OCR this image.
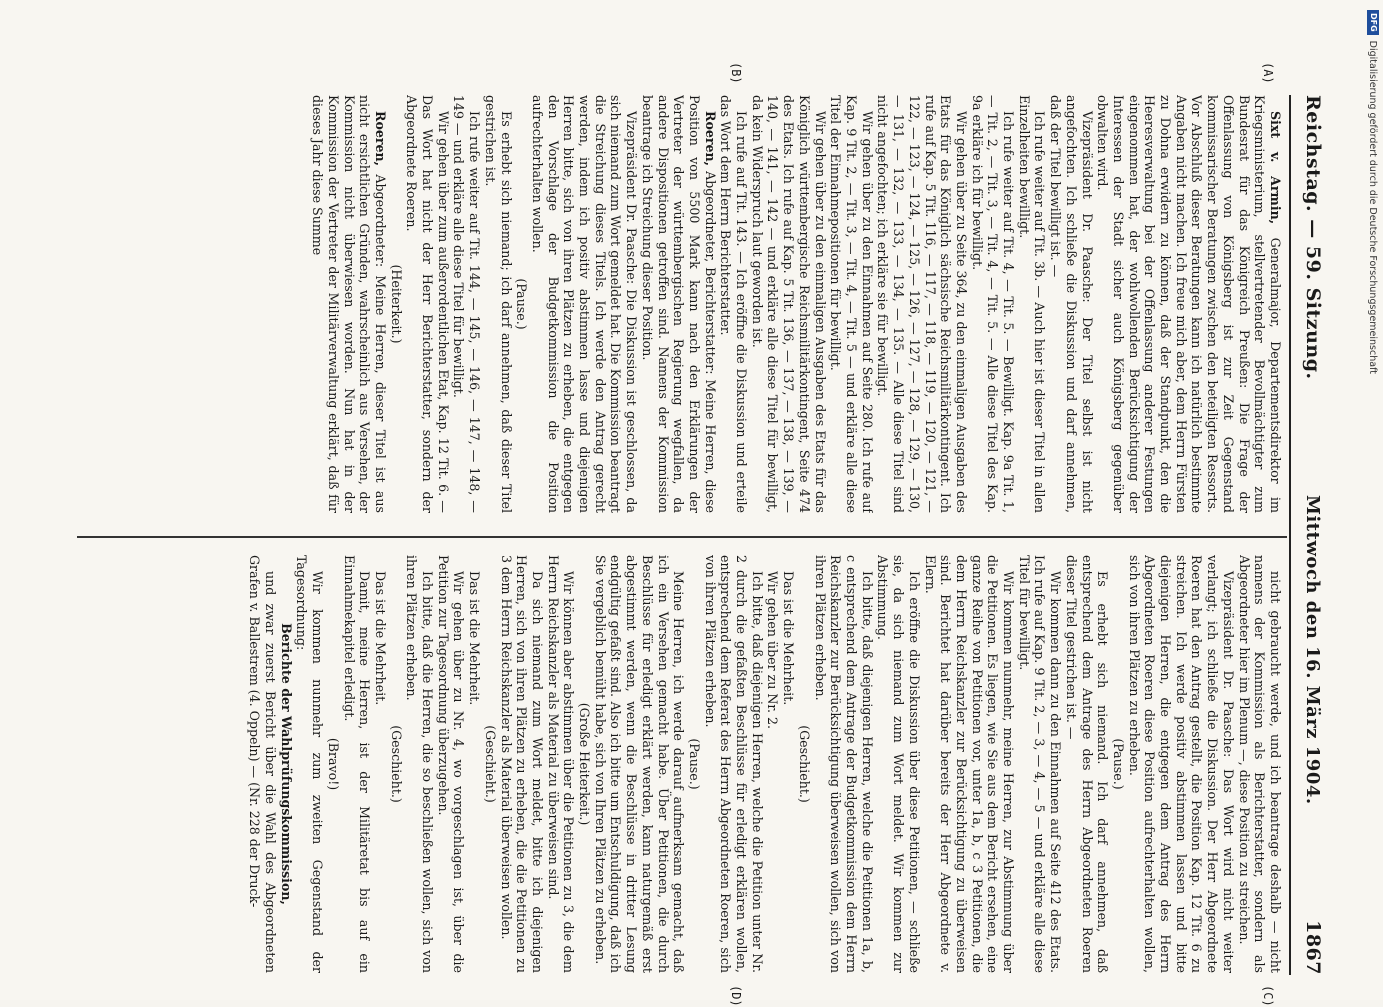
Reichstag. — 59. Sitzung.
Mittwoch den 16. März 1904.
1867

Sixt v. Armin, Generalmajor, Departementsdirektor im Kriegsministerium, stellvertretender Bevollmächtigter zum Bundesrat für das Königreich Preußen: Die Frage der Offenlassung von Königsberg ist zur Zeit Gegenstand kommissarischer Beratungen zwischen den beteiligten Ressorts. Vor Abschluß dieser Beratungen kann ich natürlich bestimmte Angaben nicht machen. Ich freue mich aber, dem Herrn Fürsten zu Dohna erwidern zu können, daß der Standpunkt, den die Heeresverwaltung bei der Offenlassung anderer Festungen eingenommen hat, der wohlwollenden Berücksichtigung der Interessen der Stadt sicher auch Königsberg gegenüber obwalten wird.

Vizepräsident Dr. Paasche: Der Titel selbst ist nicht angefochten. Ich schließe die Diskussion und darf annehmen, daß der Titel bewilligt ist. —

Ich rufe weiter auf Tit. 3b. — Auch hier ist dieser Titel in allen Einzelheiten bewilligt.

Ich rufe weiter auf Tit. 4, — Tit. 5. — Bewilligt. Kap. 9a Tit. 1, — Tit. 2, — Tit. 3, — Tit. 4, — Tit. 5. — Alle diese Titel des Kap. 9a erkläre ich für bewilligt.

Wir gehen über zu Seite 364, zu den einmaligen Ausgaben des Etats für das Königlich sächsische Reichsmilitärkontingent. Ich rufe auf Kap. 5 Tit. 116, — 117, — 118, — 119, — 120, — 121, — 122, — 123, — 124, — 125, — 126, — 127, — 128, — 129, — 130, — 131, — 132, — 133, — 134, — 135. — Alle diese Titel sind nicht angefochten; ich erkläre sie für bewilligt.

Wir gehen über zu den Einnahmen auf Seite 280. Ich rufe auf Kap. 9 Tit. 2, — Tit. 3, — Tit. 4, — Tit. 5 — und erkläre alle diese Titel der Einnahmepositionen für bewilligt.

Wir gehen über zu den einmaligen Ausgaben des Etats für das Königlich württembergische Reichsmilitärkontingent, Seite 474 des Etats. Ich rufe auf Kap. 5 Tit. 136, — 137, — 138, — 139, — 140, — 141, — 142 — und erkläre alle diese Titel für bewilligt, da kein Widerspruch laut geworden ist.

Ich rufe auf Tit. 143. — Ich eröffne die Diskussion und erteile das Wort dem Herrn Berichterstatter.

Roeren, Abgeordneter, Berichterstatter: Meine Herren, diese Position von 5500 Mark kann nach den Erklärungen der Vertreter der württembergischen Regierung wegfallen, da andere Dispositionen getroffen sind. Namens der Kommission beantrage ich Streichung dieser Position.

Vizepräsident Dr. Paasche: Die Diskussion ist geschlossen, da sich niemand zum Wort gemeldet hat. Die Kommission beantragt die Streichung dieses Titels. Ich werde den Antrag gerecht werden, indem ich positiv abstimmen lasse und diejenigen Herren bitte, sich von ihren Plätzen zu erheben, die entgegen den Vorschlage der Budgetkommission die Position aufrechterhalten wollen.

(Pause.)

Es erhebt sich niemand; ich darf annehmen, daß dieser Titel gestrichen ist.

Ich rufe weiter auf Tit. 144, — 145, — 146, — 147, — 148, — 149 — und erkläre alle diese Titel für bewilligt.

Wir gehen über zum außerordentlichen Etat, Kap. 12 Tit. 6. — Das Wort hat nicht der Herr Berichterstatter, sondern der Abgeordnete Roeren.

(Heiterkeit.)

Roeren, Abgeordneter: Meine Herren, dieser Titel ist aus nicht ersichtlichen Gründen, wahrscheinlich aus Versehen, der Kommission nicht überwiesen worden. Nun hat in der Kommission der Vertreter der Militärverwaltung erklärt, daß für dieses Jahr diese Summe

nicht gebraucht werde, und ich beantrage deshalb — nicht namens der Kommission als Berichterstatter, sondern als Abgeordneter hier im Plenum —, diese Position zu streichen.

Vizepräsident Dr. Paasche: Das Wort wird nicht weiter verlangt; ich schließe die Diskussion. Der Herr Abgeordnete Roeren hat den Antrag gestellt, die Position Kap. 12 Tit. 6 zu streichen. Ich werde positiv abstimmen lassen und bitte diejenigen Herren, die entgegen dem Antrag des Herrn Abgeordneten Roeren diese Position aufrechterhalten wollen, sich von ihren Plätzen zu erheben.

(Pause.)

Es erhebt sich niemand. Ich darf annehmen, daß entsprechend dem Antrage des Herrn Abgeordneten Roeren dieser Titel gestrichen ist. —

Wir kommen dann zu den Einnahmen auf Seite 412 des Etats. Ich rufe auf Kap. 9 Tit. 2, — 3, — 4, — 5 — und erkläre alle diese Titel für bewilligt.

Wir kommen nunmehr, meine Herren, zur Abstimmung über die Petitionen. Es liegen, wie Sie aus dem Bericht ersehen, eine ganze Reihe von Petitionen vor, unter 1a, b, c 3 Petitionen, die dem Herrn Reichskanzler zur Berücksichtigung zu überweisen sind. Berichtet hat darüber bereits der Herr Abgeordnete v. Elern.

Ich eröffne die Diskussion über diese Petitionen, — schließe sie, da sich niemand zum Wort meldet. Wir kommen zur Abstimmung.

Ich bitte, daß diejenigen Herren, welche die Petitionen 1a, b, c entsprechend dem Antrage der Budgetkommission dem Herrn Reichskanzler zur Berücksichtigung überweisen wollen, sich von ihren Plätzen erheben.

(Geschieht.)

Das ist die Mehrheit.

Wir gehen über zu Nr. 2.

Ich bitte, daß diejenigen Herren, welche die Petition unter Nr. 2 durch die gefaßten Beschlüsse für erledigt erklären wollen, entsprechend dem Referat des Herrn Abgeordneten Roeren, sich von ihren Plätzen erheben.

(Pause.)

Meine Herren, ich werde darauf aufmerksam gemacht, daß ich ein Versehen gemacht habe. Über Petitionen, die durch Beschlüsse für erledigt erklärt werden, kann naturgemäß erst abgestimmt werden, wenn die Beschlüsse in dritter Lesung endgültig gefaßt sind. Also ich bitte um Entschuldigung, daß ich Sie vergeblich bemüht habe, sich von Ihren Plätzen zu erheben.

(Große Heiterkeit.)

Wir können aber abstimmen über die Petitionen zu 3, die dem Herrn Reichskanzler als Material zu überweisen sind.

Da sich niemand zum Wort meldet, bitte ich diejenigen Herren, sich von ihren Plätzen zu erheben, die die Petitionen zu 3 dem Herrn Reichskanzler als Material überweisen wollen.

(Geschieht.)

Das ist die Mehrheit.

Wir gehen über zu Nr. 4, wo vorgeschlagen ist, über die Petition zur Tagesordnung überzugehen.

Ich bitte, daß die Herren, die so beschließen wollen, sich von ihren Plätzen erheben.

(Geschieht.)

Das ist die Mehrheit.

Damit, meine Herren, ist der Militäretat bis auf ein Einnahmekapitel erledigt.

(Bravo!)

Wir kommen nunmehr zum zweiten Gegenstand der Tagesordnung:

Berichte der Wahlprüfungskommission,

und zwar zuerst Bericht über die Wahl des Abgeordneten Grafen v. Ballestrem (4. Oppeln) — (Nr. 228 der Druck-

(A)
(B)
(C)
(D)
DFG
Digitalisierung gefördert durch die Deutsche Forschungsgemeinschaft
